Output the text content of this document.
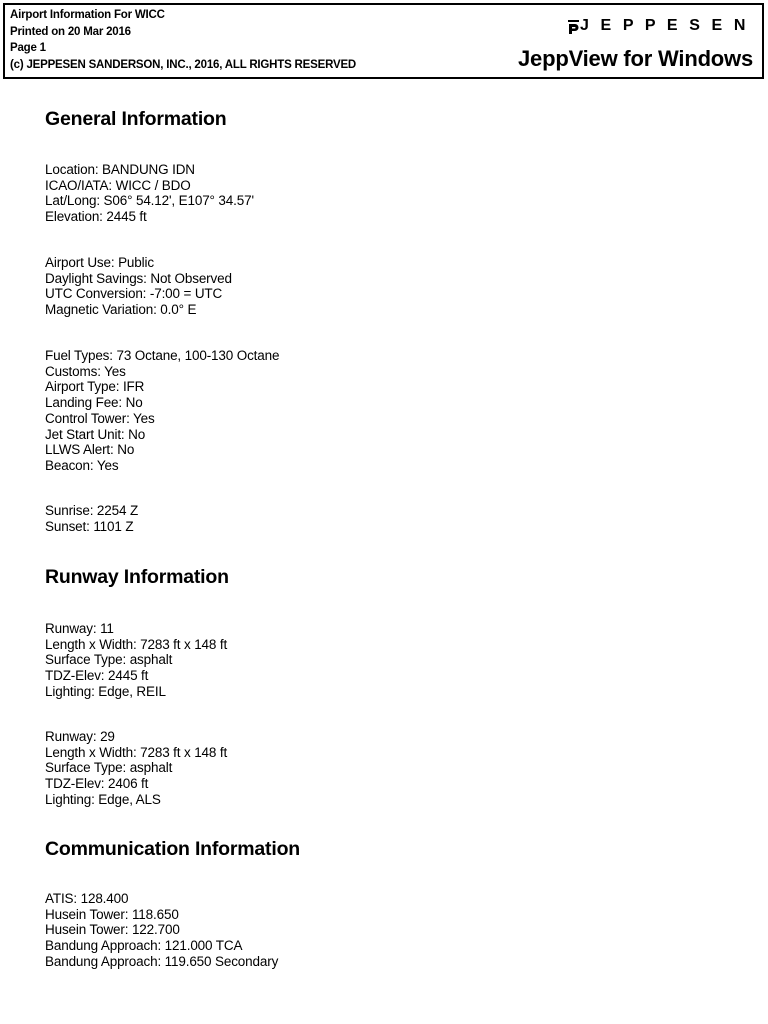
Airport Information For WICC
Printed on 20 Mar 2016
Page 1
(c) JEPPESEN SANDERSON, INC., 2016, ALL RIGHTS RESERVED
J E P P E S E N
JeppView for Windows
General Information
Location: BANDUNG IDN
ICAO/IATA: WICC / BDO
Lat/Long: S06° 54.12', E107° 34.57'
Elevation: 2445 ft
Airport Use: Public
Daylight Savings: Not Observed
UTC Conversion: -7:00 = UTC
Magnetic Variation: 0.0° E
Fuel Types: 73 Octane, 100-130 Octane
Customs: Yes
Airport Type: IFR
Landing Fee: No
Control Tower: Yes
Jet Start Unit: No
LLWS Alert: No
Beacon: Yes
Sunrise: 2254 Z
Sunset: 1101 Z
Runway Information
Runway: 11
Length x Width: 7283 ft x 148 ft
Surface Type: asphalt
TDZ-Elev: 2445 ft
Lighting: Edge, REIL
Runway: 29
Length x Width: 7283 ft x 148 ft
Surface Type: asphalt
TDZ-Elev: 2406 ft
Lighting: Edge, ALS
Communication Information
ATIS: 128.400
Husein Tower: 118.650
Husein Tower: 122.700
Bandung Approach: 121.000 TCA
Bandung Approach: 119.650 Secondary
